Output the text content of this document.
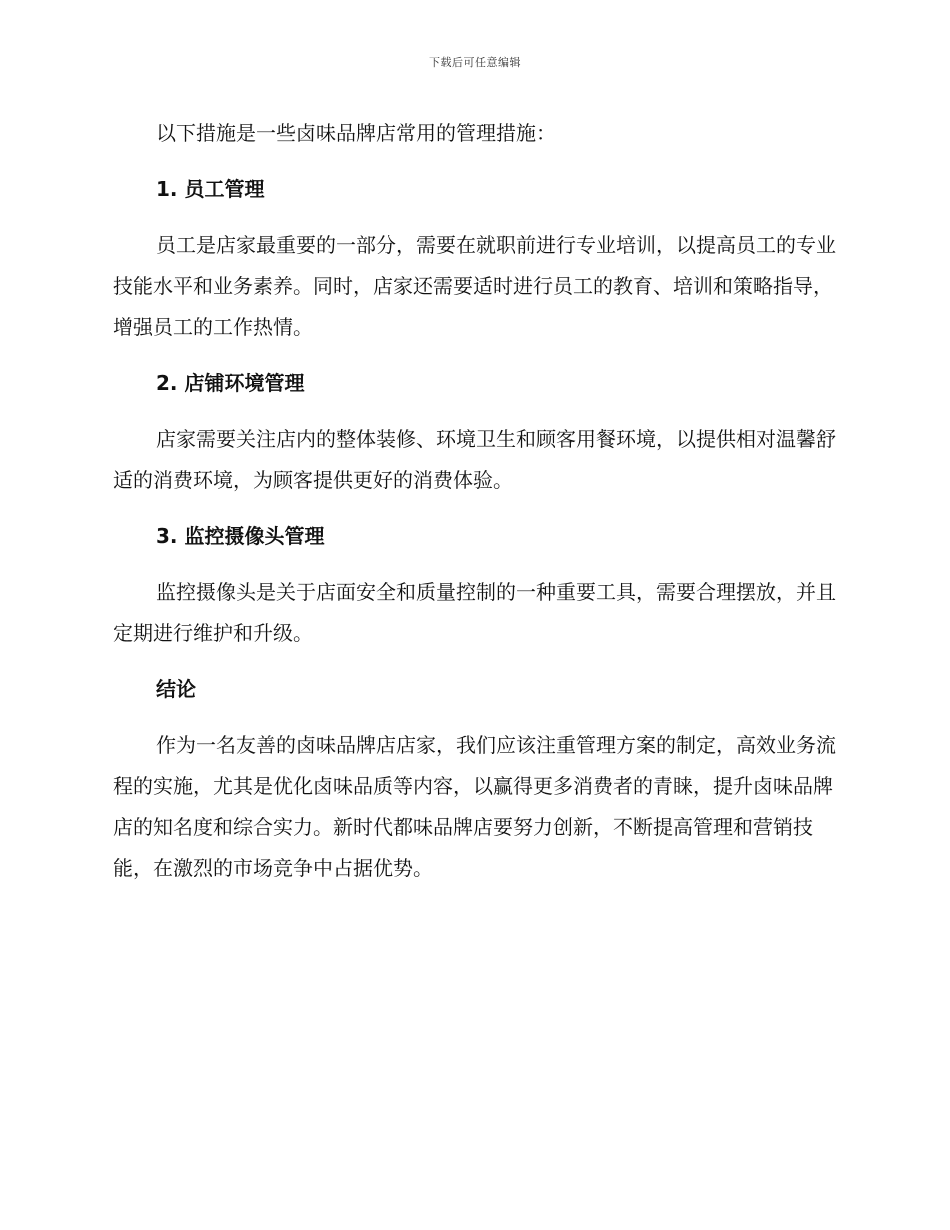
下载后可任意编辑

以下措施是一些卤味品牌店常用的管理措施：

1. 员工管理

员工是店家最重要的一部分，需要在就职前进行专业培训，以提高员工的专业技能水平和业务素养。同时，店家还需要适时进行员工的教育、培训和策略指导，增强员工的工作热情。

2. 店铺环境管理

店家需要关注店内的整体装修、环境卫生和顾客用餐环境，以提供相对温馨舒适的消费环境，为顾客提供更好的消费体验。

3. 监控摄像头管理

监控摄像头是关于店面安全和质量控制的一种重要工具，需要合理摆放，并且定期进行维护和升级。

结论

作为一名友善的卤味品牌店店家，我们应该注重管理方案的制定，高效业务流程的实施，尤其是优化卤味品质等内容，以赢得更多消费者的青睐，提升卤味品牌店的知名度和综合实力。新时代都味品牌店要努力创新，不断提高管理和营销技能，在激烈的市场竞争中占据优势。
